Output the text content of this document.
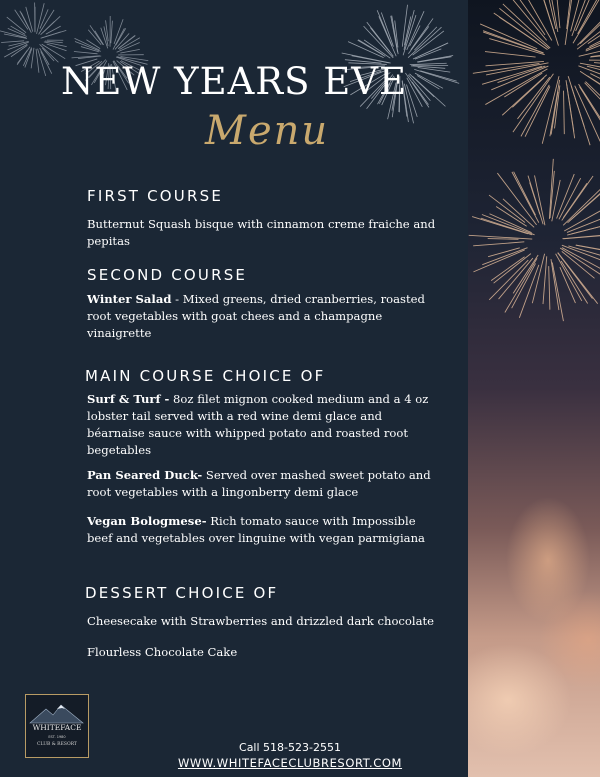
NEW YEARS EVE
Menu
FIRST COURSE
Butternut Squash bisque with cinnamon creme fraiche and pepitas
SECOND COURSE
Winter Salad - Mixed greens, dried cranberries, roasted root vegetables with goat chees and a champagne vinaigrette
MAIN COURSE CHOICE OF
Surf & Turf - 8oz filet mignon cooked medium and a 4 oz lobster tail served with a red wine demi glace and béarnaise sauce with whipped potato and roasted root begetables
Pan Seared Duck- Served over mashed sweet potato and root vegetables with a lingonberry demi glace
Vegan Bologmese- Rich tomato sauce with Impossible beef and vegetables over linguine with vegan parmigiana
DESSERT CHOICE OF
Cheesecake with Strawberries and drizzled dark chocolate
Flourless Chocolate Cake
WHITEFACE
EST. 1980
CLUB & RESORT	Call 518-523-2551
WWW.WHITEFACECLUBRESORT.COM
